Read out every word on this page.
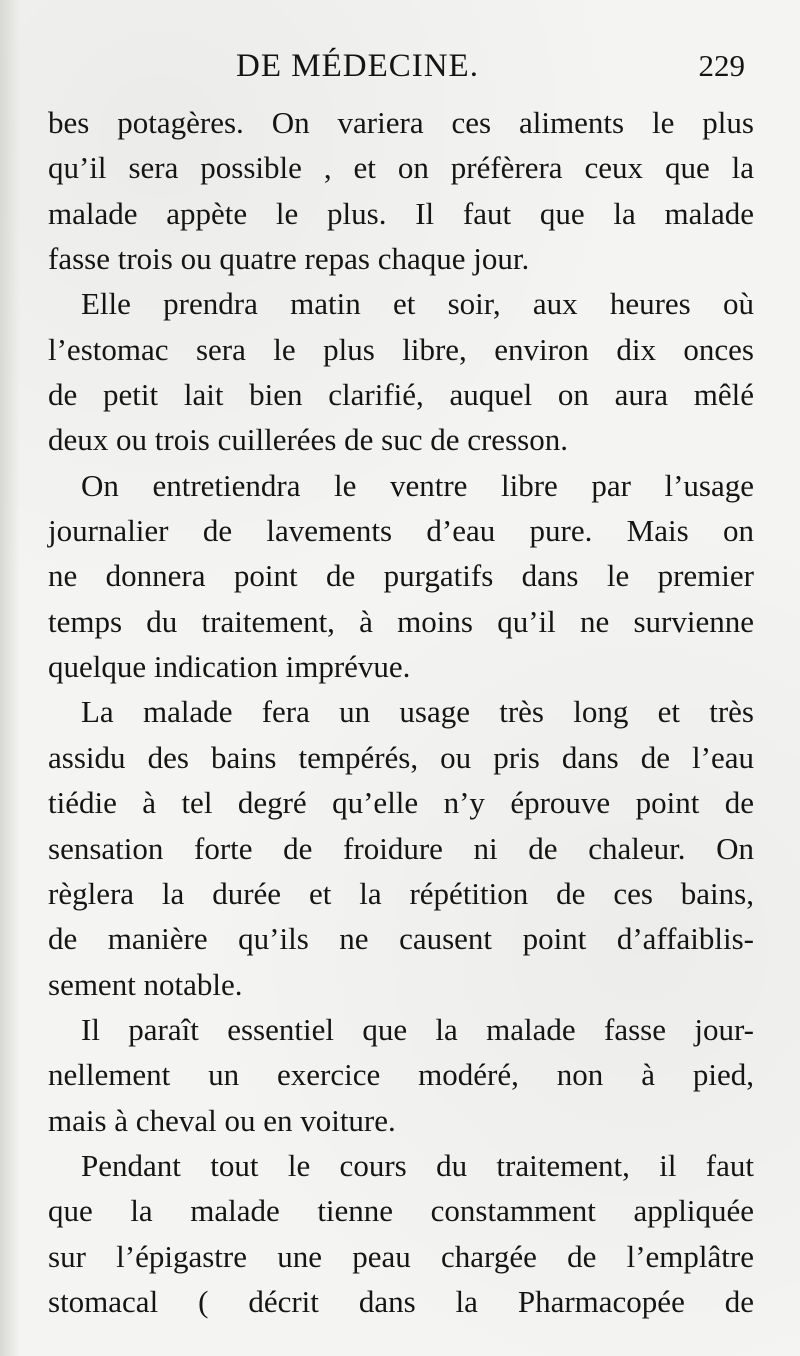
DE MÉDECINE.	229
bes potagères. On variera ces aliments le plus
qu’il sera possible , et on préfèrera ceux que la
malade appète le plus. Il faut que la malade
fasse trois ou quatre repas chaque jour.
Elle prendra matin et soir, aux heures où
l’estomac sera le plus libre, environ dix onces
de petit lait bien clarifié, auquel on aura mêlé
deux ou trois cuillerées de suc de cresson.
On entretiendra le ventre libre par l’usage
journalier de lavements d’eau pure. Mais on
ne donnera point de purgatifs dans le premier
temps du traitement, à moins qu’il ne survienne
quelque indication imprévue.
La malade fera un usage très long et très
assidu des bains tempérés, ou pris dans de l’eau
tiédie à tel degré qu’elle n’y éprouve point de
sensation forte de froidure ni de chaleur. On
règlera la durée et la répétition de ces bains,
de manière qu’ils ne causent point d’affaiblis-
sement notable.
Il paraît essentiel que la malade fasse jour-
nellement un exercice modéré, non à pied,
mais à cheval ou en voiture.
Pendant tout le cours du traitement, il faut
que la malade tienne constamment appliquée
sur l’épigastre une peau chargée de l’emplâtre
stomacal ( décrit dans la Pharmacopée de
